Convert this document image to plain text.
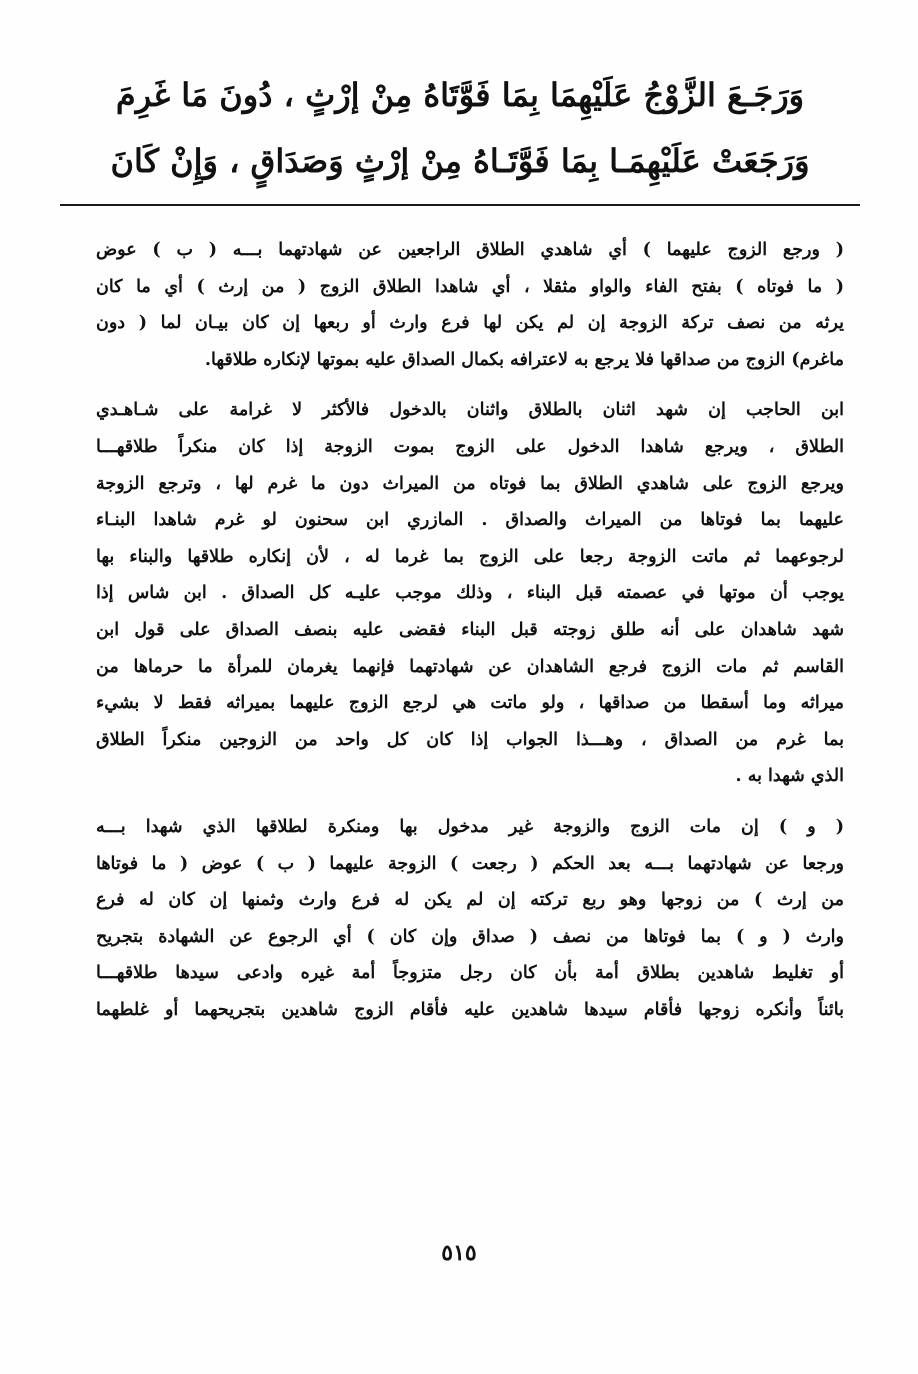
وَرَجَـعَ الزَّوْجُ عَلَيْهِمَا بِمَا فَوَّتَاهُ مِنْ إرْثٍ ، دُونَ مَا غَرِمَ
وَرَجَعَتْ عَلَيْهِمَـا بِمَا فَوَّتَـاهُ مِنْ إرْثٍ وَصَدَاقٍ ، وَإِنْ كَانَ
( ورجع الزوج عليهما ) أي شاهدي الطلاق الراجعين عن شهادتهما بـــه ( ب ) عوض
( ما فوتاه ) بفتح الفاء والواو مثقلا ، أي شاهدا الطلاق الزوج ( من إرث ) أي ما كان
يرثه من نصف تركة الزوجة إن لم يكن لها فرع وارث أو ربعها إن كان بيـان لما ( دون
ماغرم) الزوج من صداقها فلا يرجع به لاعترافه بكمال الصداق عليه بموتها لإنكاره طلاقها.
ابن الحاجب إن شهد اثنان بالطلاق واثنان بالدخول فالأكثر لا غرامة على شـاهـدي
الطلاق ، ويرجع شاهدا الدخول على الزوج بموت الزوجة إذا كان منكراً طلاقهـــا
ويرجع الزوج على شاهدي الطلاق بما فوتاه من الميراث دون ما غرم لها ، وترجع الزوجة
عليهما بما فوتاها من الميراث والصداق . المازري ابن سحنون لو غرم شاهدا البنـاء
لرجوعهما ثم ماتت الزوجة رجعا على الزوج بما غرما له ، لأن إنكاره طلاقها والبناء بها
يوجب أن موتها في عصمته قبل البناء ، وذلك موجب عليـه كل الصداق . ابن شاس إذا
شهد شاهدان على أنه طلق زوجته قبل البناء فقضى عليه بنصف الصداق على قول ابن
القاسم ثم مات الزوج فرجع الشاهدان عن شهادتهما فإنهما يغرمان للمرأة ما حرماها من
ميراثه وما أسقطا من صداقها ، ولو ماتت هي لرجع الزوج عليهما بميراثه فقط لا بشيء
بما غرم من الصداق ، وهـــذا الجواب إذا كان كل واحد من الزوجين منكراً الطلاق
الذي شهدا به .
( و ) إن مات الزوج والزوجة غير مدخول بها ومنكرة لطلاقها الذي شهدا بـــه
ورجعا عن شهادتهما بـــه بعد الحكم ( رجعت ) الزوجة عليهما ( ب ) عوض ( ما فوتاها
من إرث ) من زوجها وهو ربع تركته إن لم يكن له فرع وارث وثمنها إن كان له فرع
وارث ( و ) بما فوتاها من نصف ( صداق وإن كان ) أي الرجوع عن الشهادة بتجريح
أو تغليط شاهدين بطلاق أمة بأن كان رجل متزوجاً أمة غيره وادعى سيدها طلاقهـــا
بائناً وأنكره زوجها فأقام سيدها شاهدين عليه فأقام الزوج شاهدين بتجريحهما أو غلطهما
٥١٥
